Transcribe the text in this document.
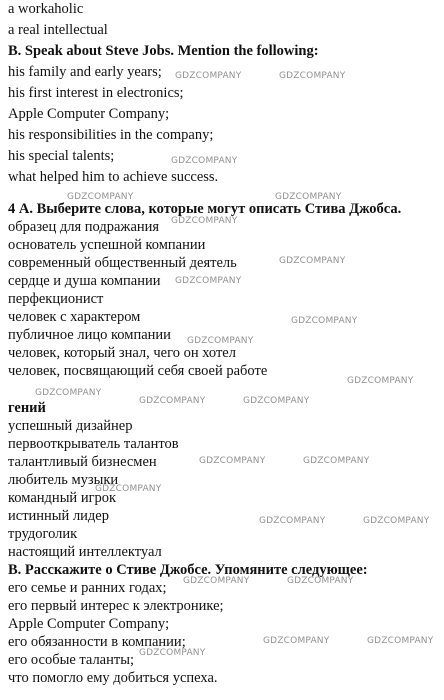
a workaholic
a real intellectual
B. Speak about Steve Jobs. Mention the following:
his family and early years;
his first interest in electronics;
Apple Computer Company;
his responsibilities in the company;
his special talents;
what helped him to achieve success.
4 А. Выберите слова, которые могут описать Стива Джобса.
образец для подражания
основатель успешной компании
современный общественный деятель
сердце и душа компании
перфекционист
человек с характером
публичное лицо компании
человек, который знал, чего он хотел
человек, посвящающий себя своей работе
гений
успешный дизайнер
первооткрыватель талантов
талантливый бизнесмен
любитель музыки
командный игрок
истинный лидер
трудоголик
настоящий интеллектуал
В. Расскажите о Стиве Джобсе. Упомяните следующее:
его семье и ранних годах;
его первый интерес к электронике;
Apple Computer Company;
его обязанности в компании;
его особые таланты;
что помогло ему добиться успеха.
GDZCOMPANY	GDZCOMPANY
GDZCOMPANY
GDZCOMPANY	GDZCOMPANY
GDZCOMPANY
GDZCOMPANY
GDZCOMPANY
GDZCOMPANY
GDZCOMPANY
GDZCOMPANY
GDZCOMPANY
GDZCOMPANY	GDZCOMPANY
GDZCOMPANY	GDZCOMPANY
GDZCOMPANY
GDZCOMPANY	GDZCOMPANY
GDZCOMPANY	GDZCOMPANY
GDZCOMPANY	GDZCOMPANY
GDZCOMPANY
